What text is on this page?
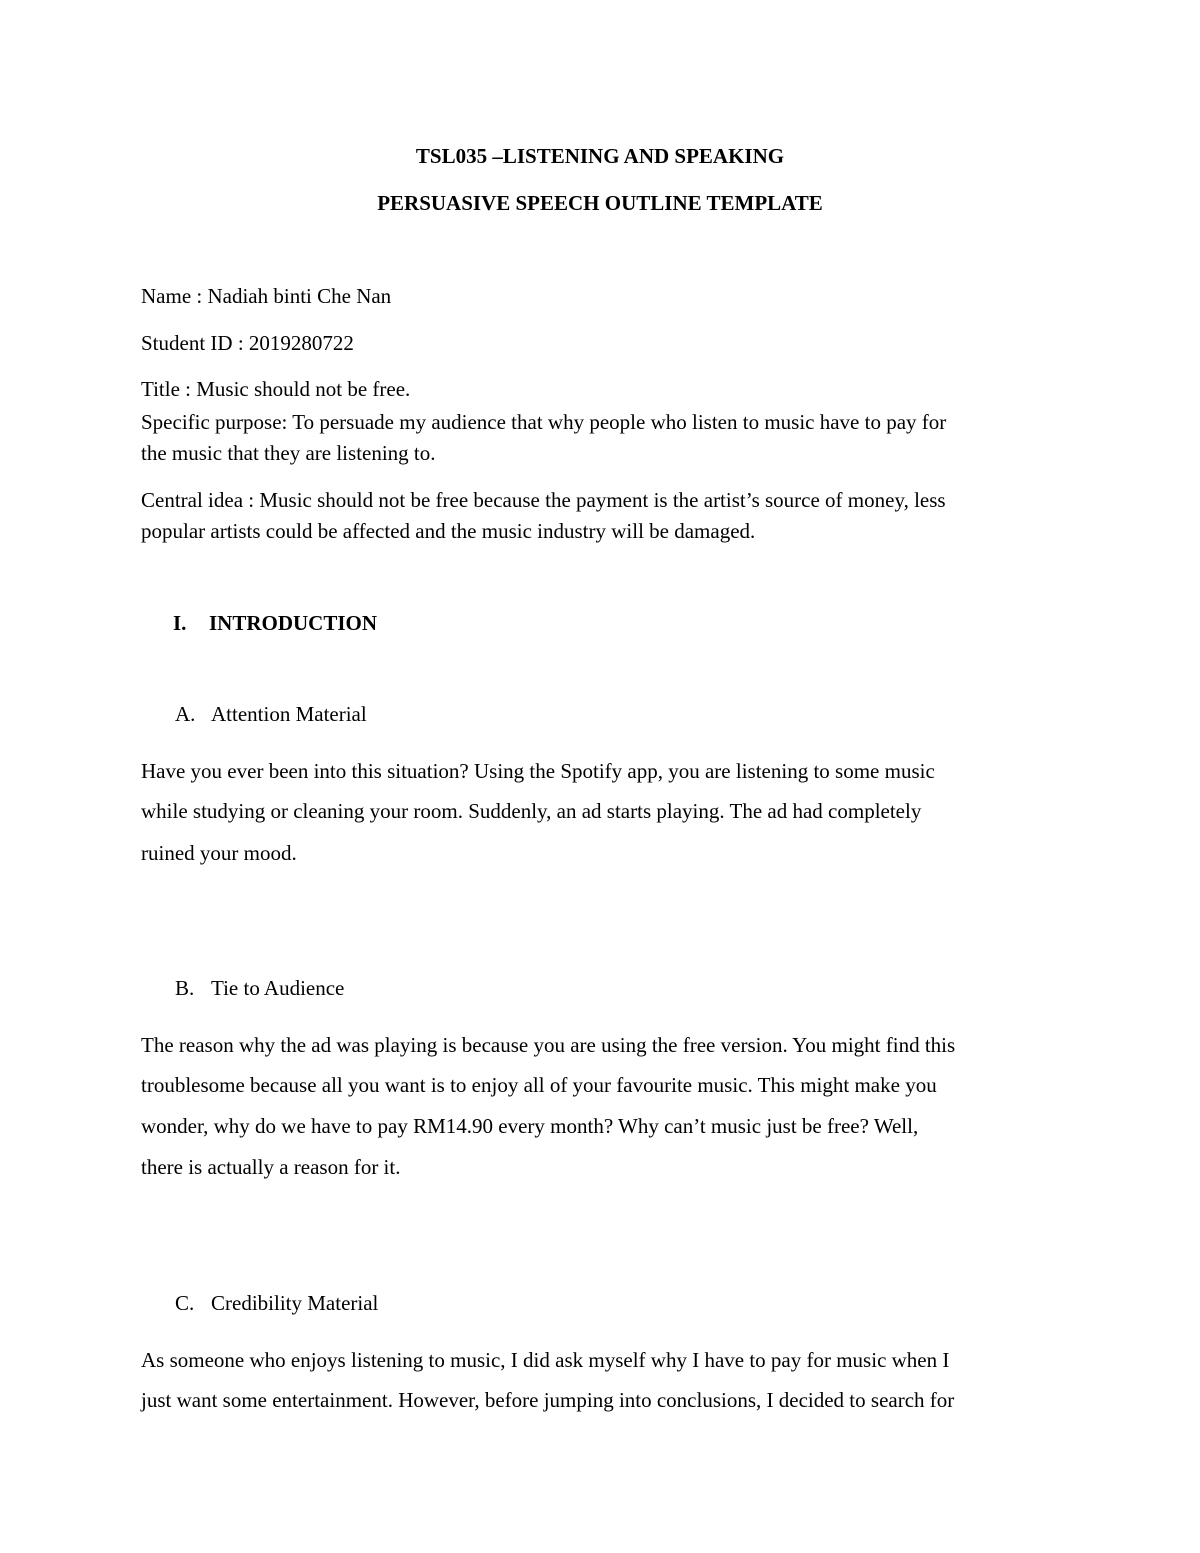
TSL035 –LISTENING AND SPEAKING
PERSUASIVE SPEECH OUTLINE TEMPLATE
Name : Nadiah binti Che Nan
Student ID : 2019280722
Title : Music should not be free.
Specific purpose: To persuade my audience that why people who listen to music have to pay for
the music that they are listening to.
Central idea : Music should not be free because the payment is the artist’s source of money, less
popular artists could be affected and the music industry will be damaged.
I. INTRODUCTION
A. Attention Material
Have you ever been into this situation? Using the Spotify app, you are listening to some music
while studying or cleaning your room. Suddenly, an ad starts playing. The ad had completely
ruined your mood.
B. Tie to Audience
The reason why the ad was playing is because you are using the free version. You might find this
troublesome because all you want is to enjoy all of your favourite music. This might make you
wonder, why do we have to pay RM14.90 every month? Why can’t music just be free? Well,
there is actually a reason for it.
C. Credibility Material
As someone who enjoys listening to music, I did ask myself why I have to pay for music when I
just want some entertainment. However, before jumping into conclusions, I decided to search for
